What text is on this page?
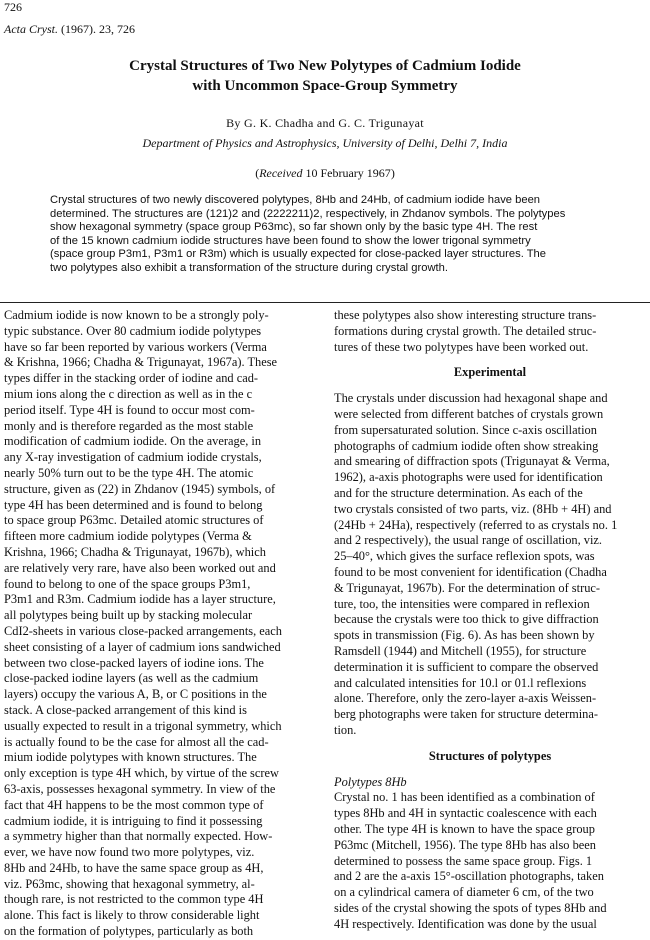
726
Acta Cryst. (1967). 23, 726
Crystal Structures of Two New Polytypes of Cadmium Iodide
with Uncommon Space-Group Symmetry
By G. K. Chadha and G. C. Trigunayat
Department of Physics and Astrophysics, University of Delhi, Delhi 7, India
(Received 10 February 1967)
Crystal structures of two newly discovered polytypes, 8Hb and 24Hb, of cadmium iodide have been
determined. The structures are (121)2 and (2222211)2, respectively, in Zhdanov symbols. The polytypes
show hexagonal symmetry (space group P63mc), so far shown only by the basic type 4H. The rest
of the 15 known cadmium iodide structures have been found to show the lower trigonal symmetry
(space group P3m1, P3m1 or R3m) which is usually expected for close-packed layer structures. The
two polytypes also exhibit a transformation of the structure during crystal growth.
Cadmium iodide is now known to be a strongly poly-
typic substance. Over 80 cadmium iodide polytypes
have so far been reported by various workers (Verma
& Krishna, 1966; Chadha & Trigunayat, 1967a). These
types differ in the stacking order of iodine and cad-
mium ions along the c direction as well as in the c
period itself. Type 4H is found to occur most com-
monly and is therefore regarded as the most stable
modification of cadmium iodide. On the average, in
any X-ray investigation of cadmium iodide crystals,
nearly 50% turn out to be the type 4H. The atomic
structure, given as (22) in Zhdanov (1945) symbols, of
type 4H has been determined and is found to belong
to space group P63mc. Detailed atomic structures of
fifteen more cadmium iodide polytypes (Verma &
Krishna, 1966; Chadha & Trigunayat, 1967b), which
are relatively very rare, have also been worked out and
found to belong to one of the space groups P3m1,
P3m1 and R3m. Cadmium iodide has a layer structure,
all polytypes being built up by stacking molecular
CdI2-sheets in various close-packed arrangements, each
sheet consisting of a layer of cadmium ions sandwiched
between two close-packed layers of iodine ions. The
close-packed iodine layers (as well as the cadmium
layers) occupy the various A, B, or C positions in the
stack. A close-packed arrangement of this kind is
usually expected to result in a trigonal symmetry, which
is actually found to be the case for almost all the cad-
mium iodide polytypes with known structures. The
only exception is type 4H which, by virtue of the screw
63-axis, possesses hexagonal symmetry. In view of the
fact that 4H happens to be the most common type of
cadmium iodide, it is intriguing to find it possessing
a symmetry higher than that normally expected. How-
ever, we have now found two more polytypes, viz.
8Hb and 24Hb, to have the same space group as 4H,
viz. P63mc, showing that hexagonal symmetry, al-
though rare, is not restricted to the common type 4H
alone. This fact is likely to throw considerable light
on the formation of polytypes, particularly as both
these polytypes also show interesting structure trans-
formations during crystal growth. The detailed struc-
tures of these two polytypes have been worked out.
Experimental
The crystals under discussion had hexagonal shape and
were selected from different batches of crystals grown
from supersaturated solution. Since c-axis oscillation
photographs of cadmium iodide often show streaking
and smearing of diffraction spots (Trigunayat & Verma,
1962), a-axis photographs were used for identification
and for the structure determination. As each of the
two crystals consisted of two parts, viz. (8Hb + 4H) and
(24Hb + 24Ha), respectively (referred to as crystals no. 1
and 2 respectively), the usual range of oscillation, viz.
25–40°, which gives the surface reflexion spots, was
found to be most convenient for identification (Chadha
& Trigunayat, 1967b). For the determination of struc-
ture, too, the intensities were compared in reflexion
because the crystals were too thick to give diffraction
spots in transmission (Fig. 6). As has been shown by
Ramsdell (1944) and Mitchell (1955), for structure
determination it is sufficient to compare the observed
and calculated intensities for 10.l or 01.l reflexions
alone. Therefore, only the zero-layer a-axis Weissen-
berg photographs were taken for structure determina-
tion.
Structures of polytypes
Polytypes 8Hb
Crystal no. 1 has been identified as a combination of
types 8Hb and 4H in syntactic coalescence with each
other. The type 4H is known to have the space group
P63mc (Mitchell, 1956). The type 8Hb has also been
determined to possess the same space group. Figs. 1
and 2 are the a-axis 15°-oscillation photographs, taken
on a cylindrical camera of diameter 6 cm, of the two
sides of the crystal showing the spots of types 8Hb and
4H respectively. Identification was done by the usual
